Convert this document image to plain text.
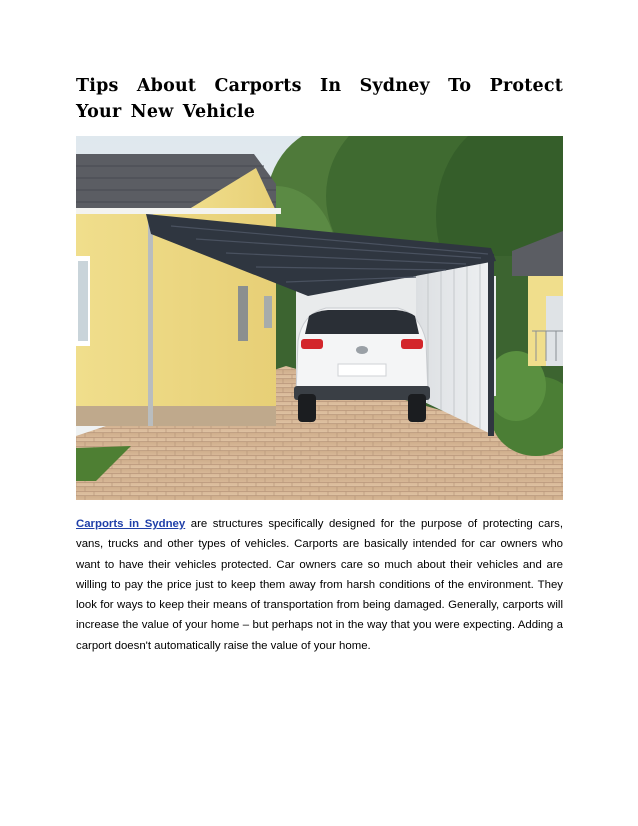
Tips About Carports In Sydney To Protect Your New Vehicle

Carports in Sydney are structures specifically designed for the purpose of protecting cars, vans, trucks and other types of vehicles. Carports are basically intended for car owners who want to have their vehicles protected. Car owners care so much about their vehicles and are willing to pay the price just to keep them away from harsh conditions of the environment. They look for ways to keep their means of transportation from being damaged. Generally, carports will increase the value of your home – but perhaps not in the way that you were expecting. Adding a carport doesn't automatically raise the value of your home.
